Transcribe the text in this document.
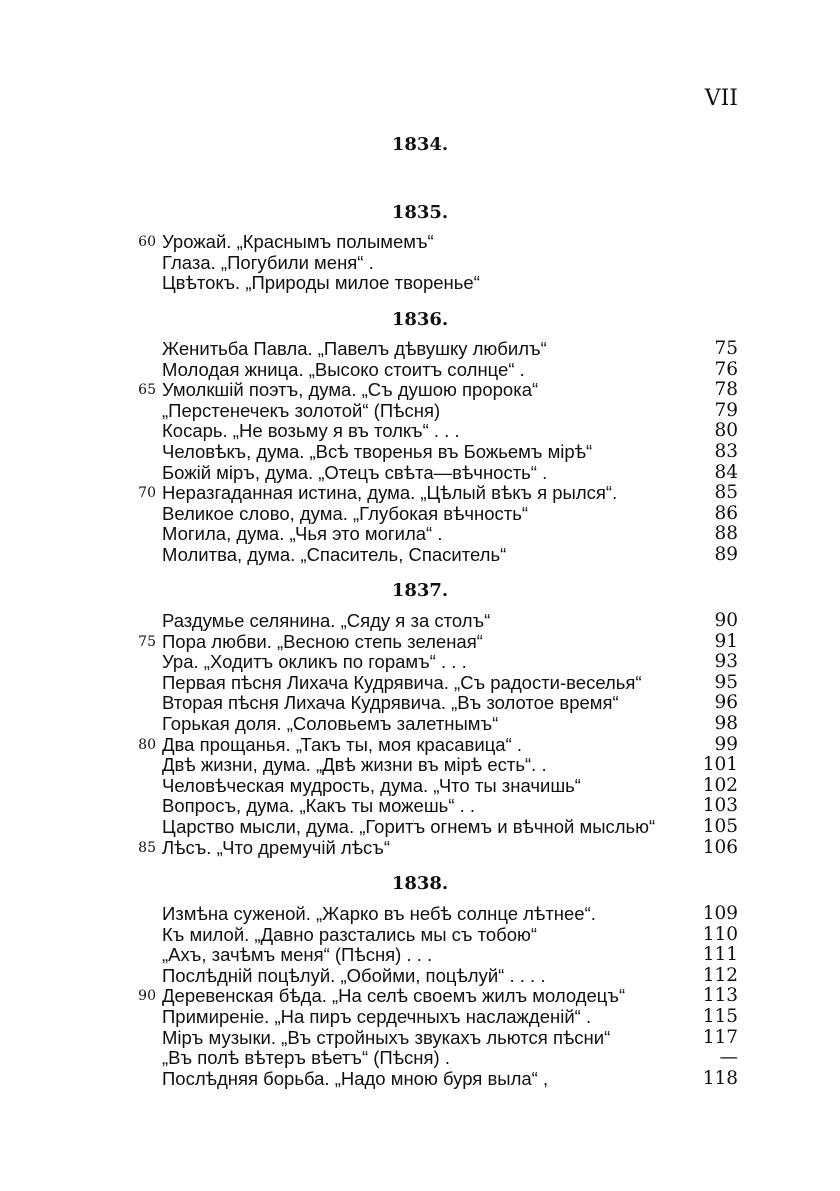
VII
1834.
1835.
60 Урожай. „Краснымъ полымемъ“
Глаза. „Погубили меня“ .
Цвѣтокъ. „Природы милое творенье“
1836.
Женитьба Павла. „Павелъ дѣвушку любилъ“	75
Молодая жница. „Высоко стоитъ солнце“ .	76
65 Умолкшій поэтъ, дума. „Съ душою пророка“	78
„Перстенечекъ золотой“ (Пѣсня)	79
Косарь. „Не возьму я въ толкъ“ . . .	80
Человѣкъ, дума. „Всѣ творенья въ Божьемъ мірѣ“	83
Божій міръ, дума. „Отецъ свѣта—вѣчность“ .	84
70 Неразгаданная истина, дума. „Цѣлый вѣкъ я рылся“.	85
Великое слово, дума. „Глубокая вѣчность“	86
Могила, дума. „Чья это могила“ .	88
Молитва, дума. „Спаситель, Спаситель“	89
1837.
Раздумье селянина. „Сяду я за столъ“	90
75 Пора любви. „Весною степь зеленая“	91
Ура. „Ходитъ окликъ по горамъ“ . . .	93
Первая пѣсня Лихача Кудрявича. „Съ радости-веселья“	95
Вторая пѣсня Лихача Кудрявича. „Въ золотое время“	96
Горькая доля. „Соловьемъ залетнымъ“	98
80 Два прощанья. „Такъ ты, моя красавица“ .	99
Двѣ жизни, дума. „Двѣ жизни въ мірѣ есть“. .	101
Человѣческая мудрость, дума. „Что ты значишь“	102
Вопросъ, дума. „Какъ ты можешь“ . .	103
Царство мысли, дума. „Горитъ огнемъ и вѣчной мыслью“	105
85 Лѣсъ. „Что дремучій лѣсъ“	106
1838.
Измѣна суженой. „Жарко въ небѣ солнце лѣтнее“.	109
Къ милой. „Давно разстались мы съ тобою“	110
„Ахъ, зачѣмъ меня“ (Пѣсня) . . .	111
Послѣдній поцѣлуй. „Обойми, поцѣлуй“ . . . .	112
90 Деревенская бѣда. „На селѣ своемъ жилъ молодецъ“	113
Примиреніе. „На пиръ сердечныхъ наслажденій“ .	115
Міръ музыки. „Въ стройныхъ звукахъ льются пѣсни“	117
„Въ полѣ вѣтеръ вѣетъ“ (Пѣсня) .	—
Послѣдняя борьба. „Надо мною буря выла“ ,	118
